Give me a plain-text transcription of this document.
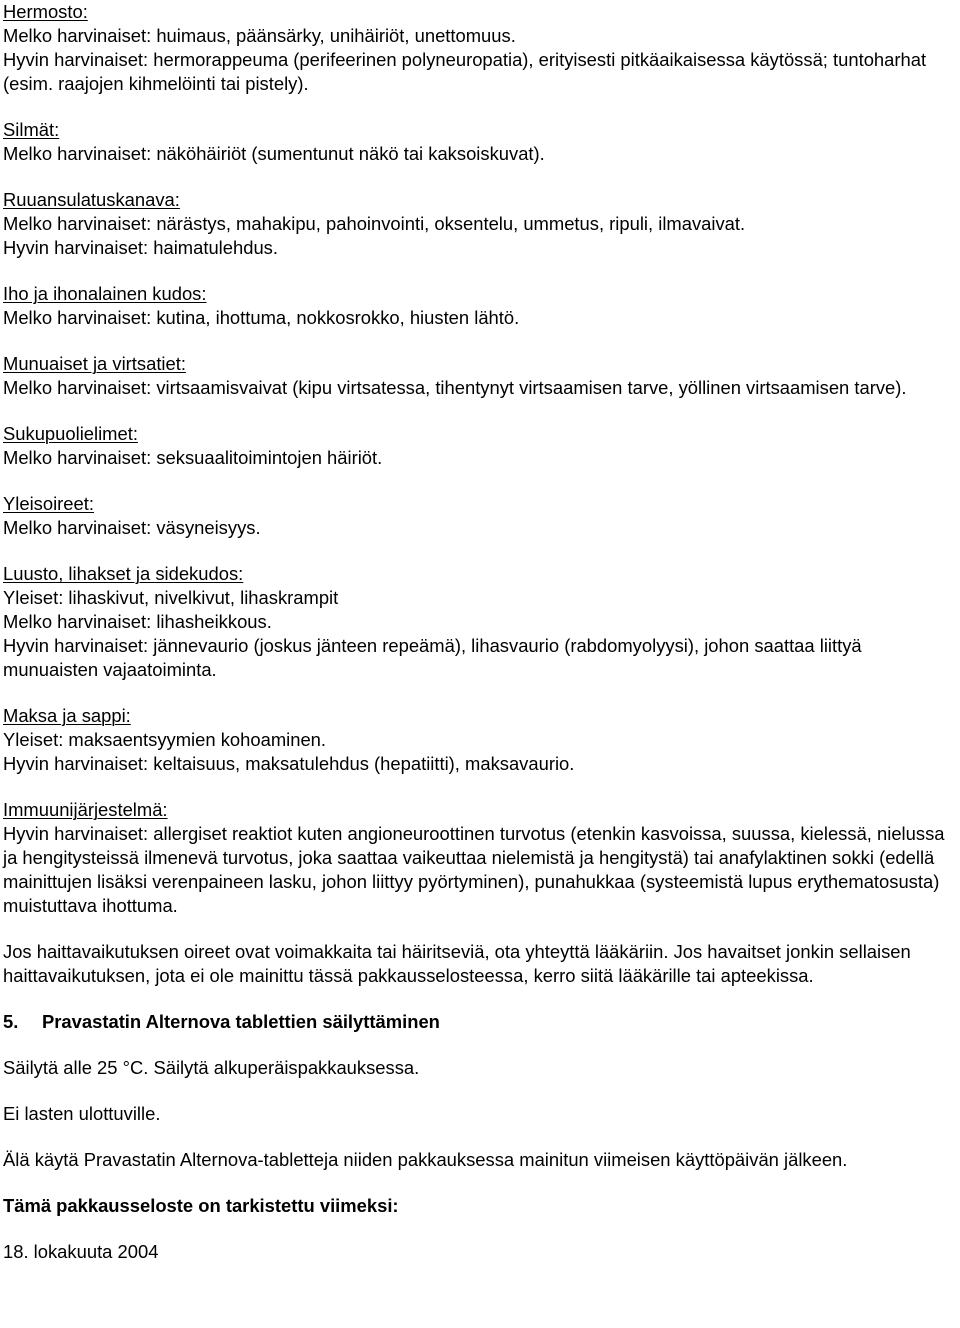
Hermosto:

Melko harvinaiset: huimaus, päänsärky, unihäiriöt, unettomuus.

Hyvin harvinaiset: hermorappeuma (perifeerinen polyneuropatia), erityisesti pitkäaikaisessa käytössä; tuntoharhat (esim. raajojen kihmelöinti tai pistely).

Silmät:

Melko harvinaiset: näköhäiriöt (sumentunut näkö tai kaksoiskuvat).

Ruuansulatuskanava:

Melko harvinaiset: närästys, mahakipu, pahoinvointi, oksentelu, ummetus, ripuli, ilmavaivat.

Hyvin harvinaiset: haimatulehdus.

Iho ja ihonalainen kudos:

Melko harvinaiset: kutina, ihottuma, nokkosrokko, hiusten lähtö.

Munuaiset ja virtsatiet:

Melko harvinaiset: virtsaamisvaivat (kipu virtsatessa, tihentynyt virtsaamisen tarve, yöllinen virtsaamisen tarve).

Sukupuolielimet:

Melko harvinaiset: seksuaalitoimintojen häiriöt.

Yleisoireet:

Melko harvinaiset: väsyneisyys.

Luusto, lihakset ja sidekudos:

Yleiset: lihaskivut, nivelkivut, lihaskrampit

Melko harvinaiset: lihasheikkous.

Hyvin harvinaiset: jännevaurio (joskus jänteen repeämä), lihasvaurio (rabdomyolyysi), johon saattaa liittyä munuaisten vajaatoiminta.

Maksa ja sappi:

Yleiset: maksaentsyymien kohoaminen.

Hyvin harvinaiset: keltaisuus, maksatulehdus (hepatiitti), maksavaurio.

Immuunijärjestelmä:

Hyvin harvinaiset: allergiset reaktiot kuten angioneuroottinen turvotus (etenkin kasvoissa, suussa, kielessä, nielussa ja hengitysteissä ilmenevä turvotus, joka saattaa vaikeuttaa nielemistä ja hengitystä) tai anafylaktinen sokki (edellä mainittujen lisäksi verenpaineen lasku, johon liittyy pyörtyminen), punahukkaa (systeemistä lupus erythematosusta) muistuttava ihottuma.

Jos haittavaikutuksen oireet ovat voimakkaita tai häiritseviä, ota yhteyttä lääkäriin. Jos havaitset jonkin sellaisen haittavaikutuksen, jota ei ole mainittu tässä pakkausselosteessa, kerro siitä lääkärille tai apteekissa.

5.	Pravastatin Alternova tablettien säilyttäminen

Säilytä alle 25 °C. Säilytä alkuperäispakkauksessa.

Ei lasten ulottuville.

Älä käytä Pravastatin Alternova-tabletteja niiden pakkauksessa mainitun viimeisen käyttöpäivän jälkeen.

Tämä pakkausseloste on tarkistettu viimeksi:

18. lokakuuta 2004
